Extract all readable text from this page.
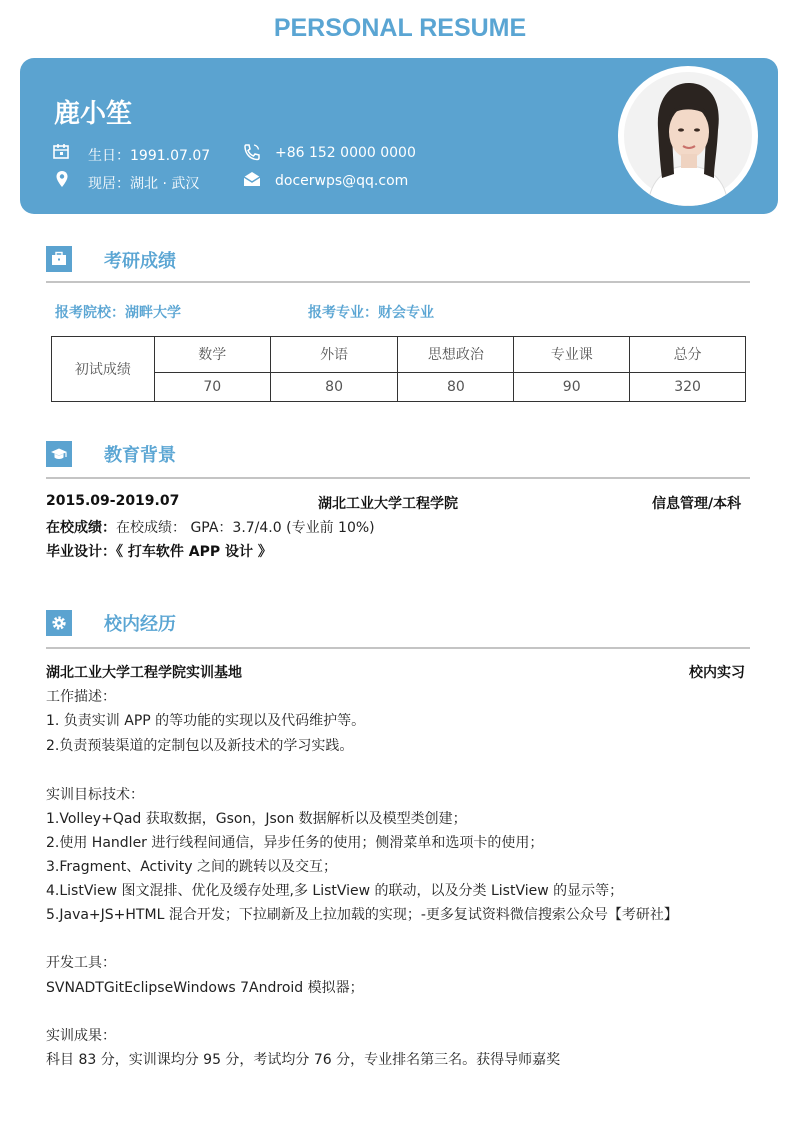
PERSONAL RESUME
鹿小笙
生日：1991.07.07	+86 152 0000 0000
现居：湖北 · 武汉	docerwps@qq.com
考研成绩
报考院校：湖畔大学	报考专业：财会专业
初试成绩	数学	外语	思想政治	专业课	总分
	70	80	80	90	320
教育背景
2015.09-2019.07	湖北工业大学工程学院	信息管理/本科
在校成绩：在校成绩： GPA：3.7/4.0 (专业前 10%)
毕业设计：《 打车软件 APP 设计 》
校内经历
湖北工业大学工程学院实训基地	校内实习
工作描述：
1. 负责实训 APP 的等功能的实现以及代码维护等。
2.负责预装渠道的定制包以及新技术的学习实践。
实训目标技术：
1.Volley+Qad 获取数据，Gson，Json 数据解析以及模型类创建；
2.使用 Handler 进行线程间通信，异步任务的使用；侧滑菜单和选项卡的使用；
3.Fragment、Activity 之间的跳转以及交互；
4.ListView 图文混排、优化及缓存处理,多 ListView 的联动，以及分类 ListView 的显示等；
5.Java+JS+HTML 混合开发；下拉刷新及上拉加载的实现；-更多复试资料微信搜索公众号【考研社】
开发工具：
SVNADTGitEclipseWindows 7Android 模拟器；
实训成果：
科目 83 分，实训课均分 95 分，考试均分 76 分，专业排名第三名。获得导师嘉奖
